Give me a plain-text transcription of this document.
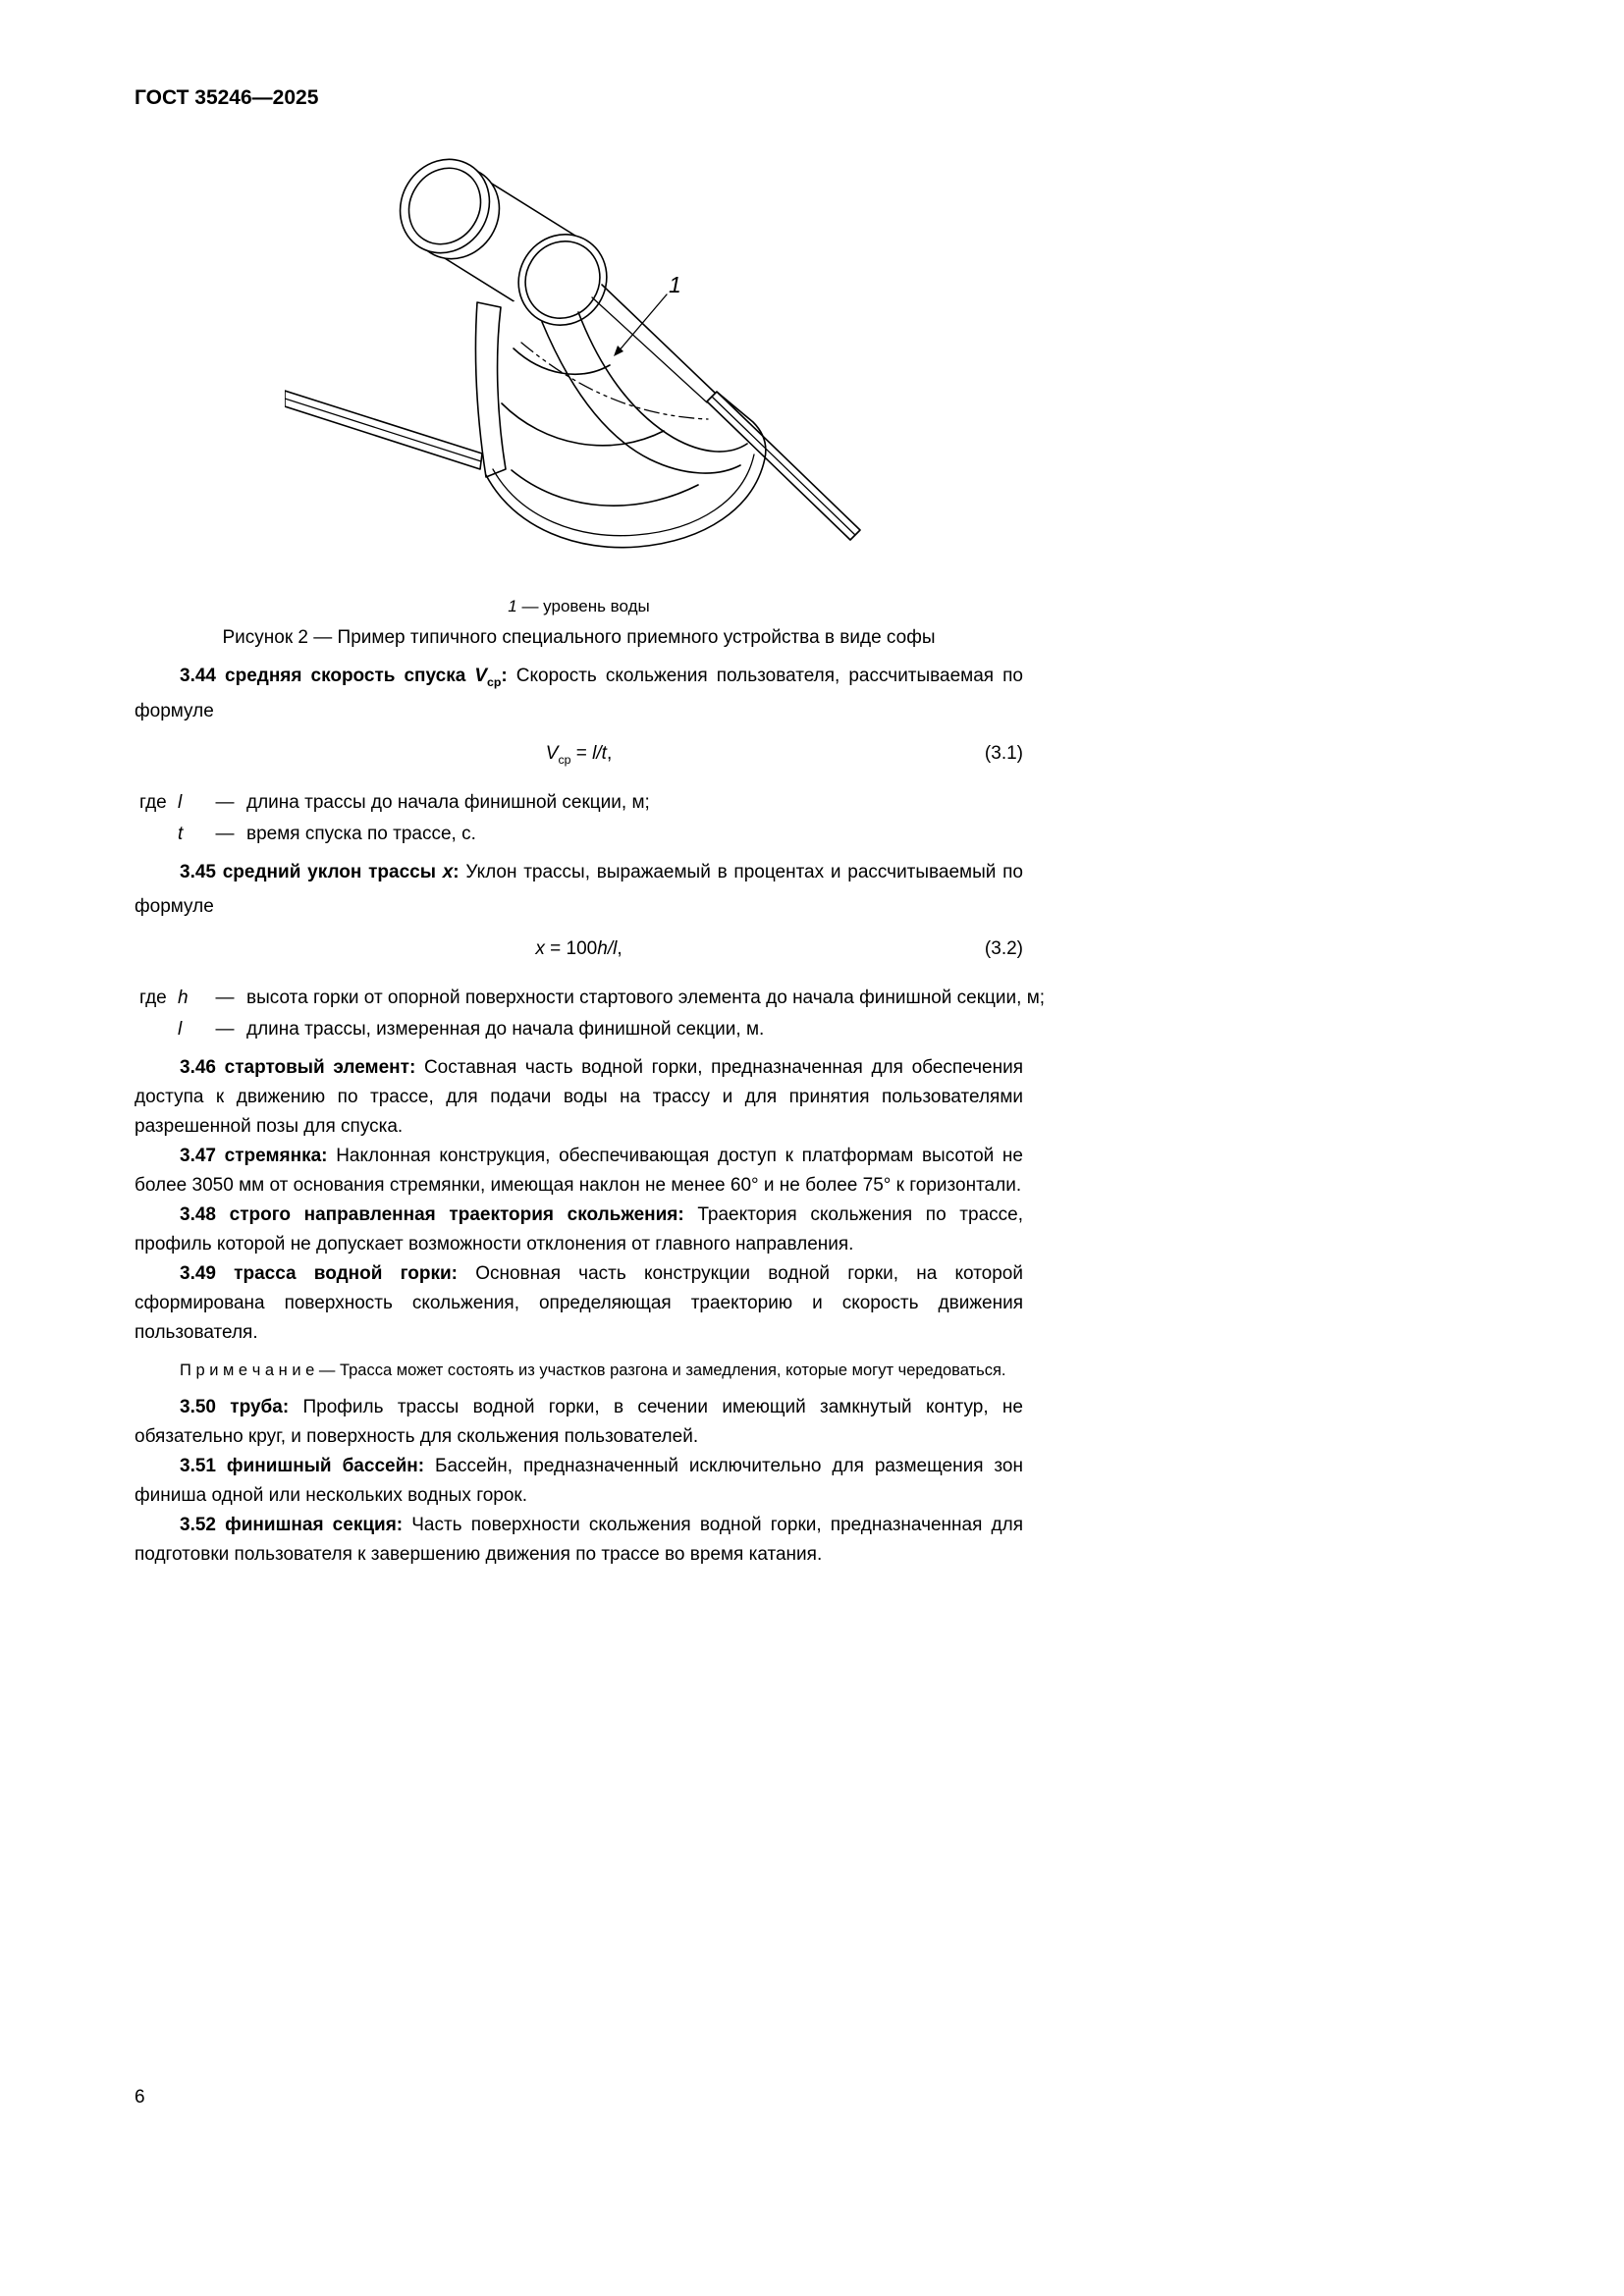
ГОСТ 35246—2025
1
1 — уровень воды
Рисунок 2 — Пример типичного специального приемного устройства в виде софы

3.44 средняя скорость спуска $V_{ср}$: Скорость скольжения пользователя, рассчитываемая по формуле

$V_{ср} = l/t$,	(3.1)
где l	— длина трассы до начала финишной секции, м;
t	— время спуска по трассе, с.

3.45 средний уклон трассы x: Уклон трассы, выражаемый в процентах и рассчитываемый по формуле

x = 100h/l,	(3.2)
где h	— высота горки от опорной поверхности стартового элемента до начала финишной секции, м;
l	— длина трассы, измеренная до начала финишной секции, м.

3.46 стартовый элемент: Составная часть водной горки, предназначенная для обеспечения доступа к движению по трассе, для подачи воды на трассу и для принятия пользователями разрешенной позы для спуска.

3.47 стремянка: Наклонная конструкция, обеспечивающая доступ к платформам высотой не более 3050 мм от основания стремянки, имеющая наклон не менее 60° и не более 75° к горизонтали.

3.48 строго направленная траектория скольжения: Траектория скольжения по трассе, профиль которой не допускает возможности отклонения от главного направления.

3.49 трасса водной горки: Основная часть конструкции водной горки, на которой сформирована поверхность скольжения, определяющая траекторию и скорость движения пользователя.

П р и м е ч а н и е — Трасса может состоять из участков разгона и замедления, которые могут чередоваться.

3.50 труба: Профиль трассы водной горки, в сечении имеющий замкнутый контур, не обязательно круг, и поверхность для скольжения пользователей.

3.51 финишный бассейн: Бассейн, предназначенный исключительно для размещения зон финиша одной или нескольких водных горок.

3.52 финишная секция: Часть поверхности скольжения водной горки, предназначенная для подготовки пользователя к завершению движения по трассе во время катания.

6
